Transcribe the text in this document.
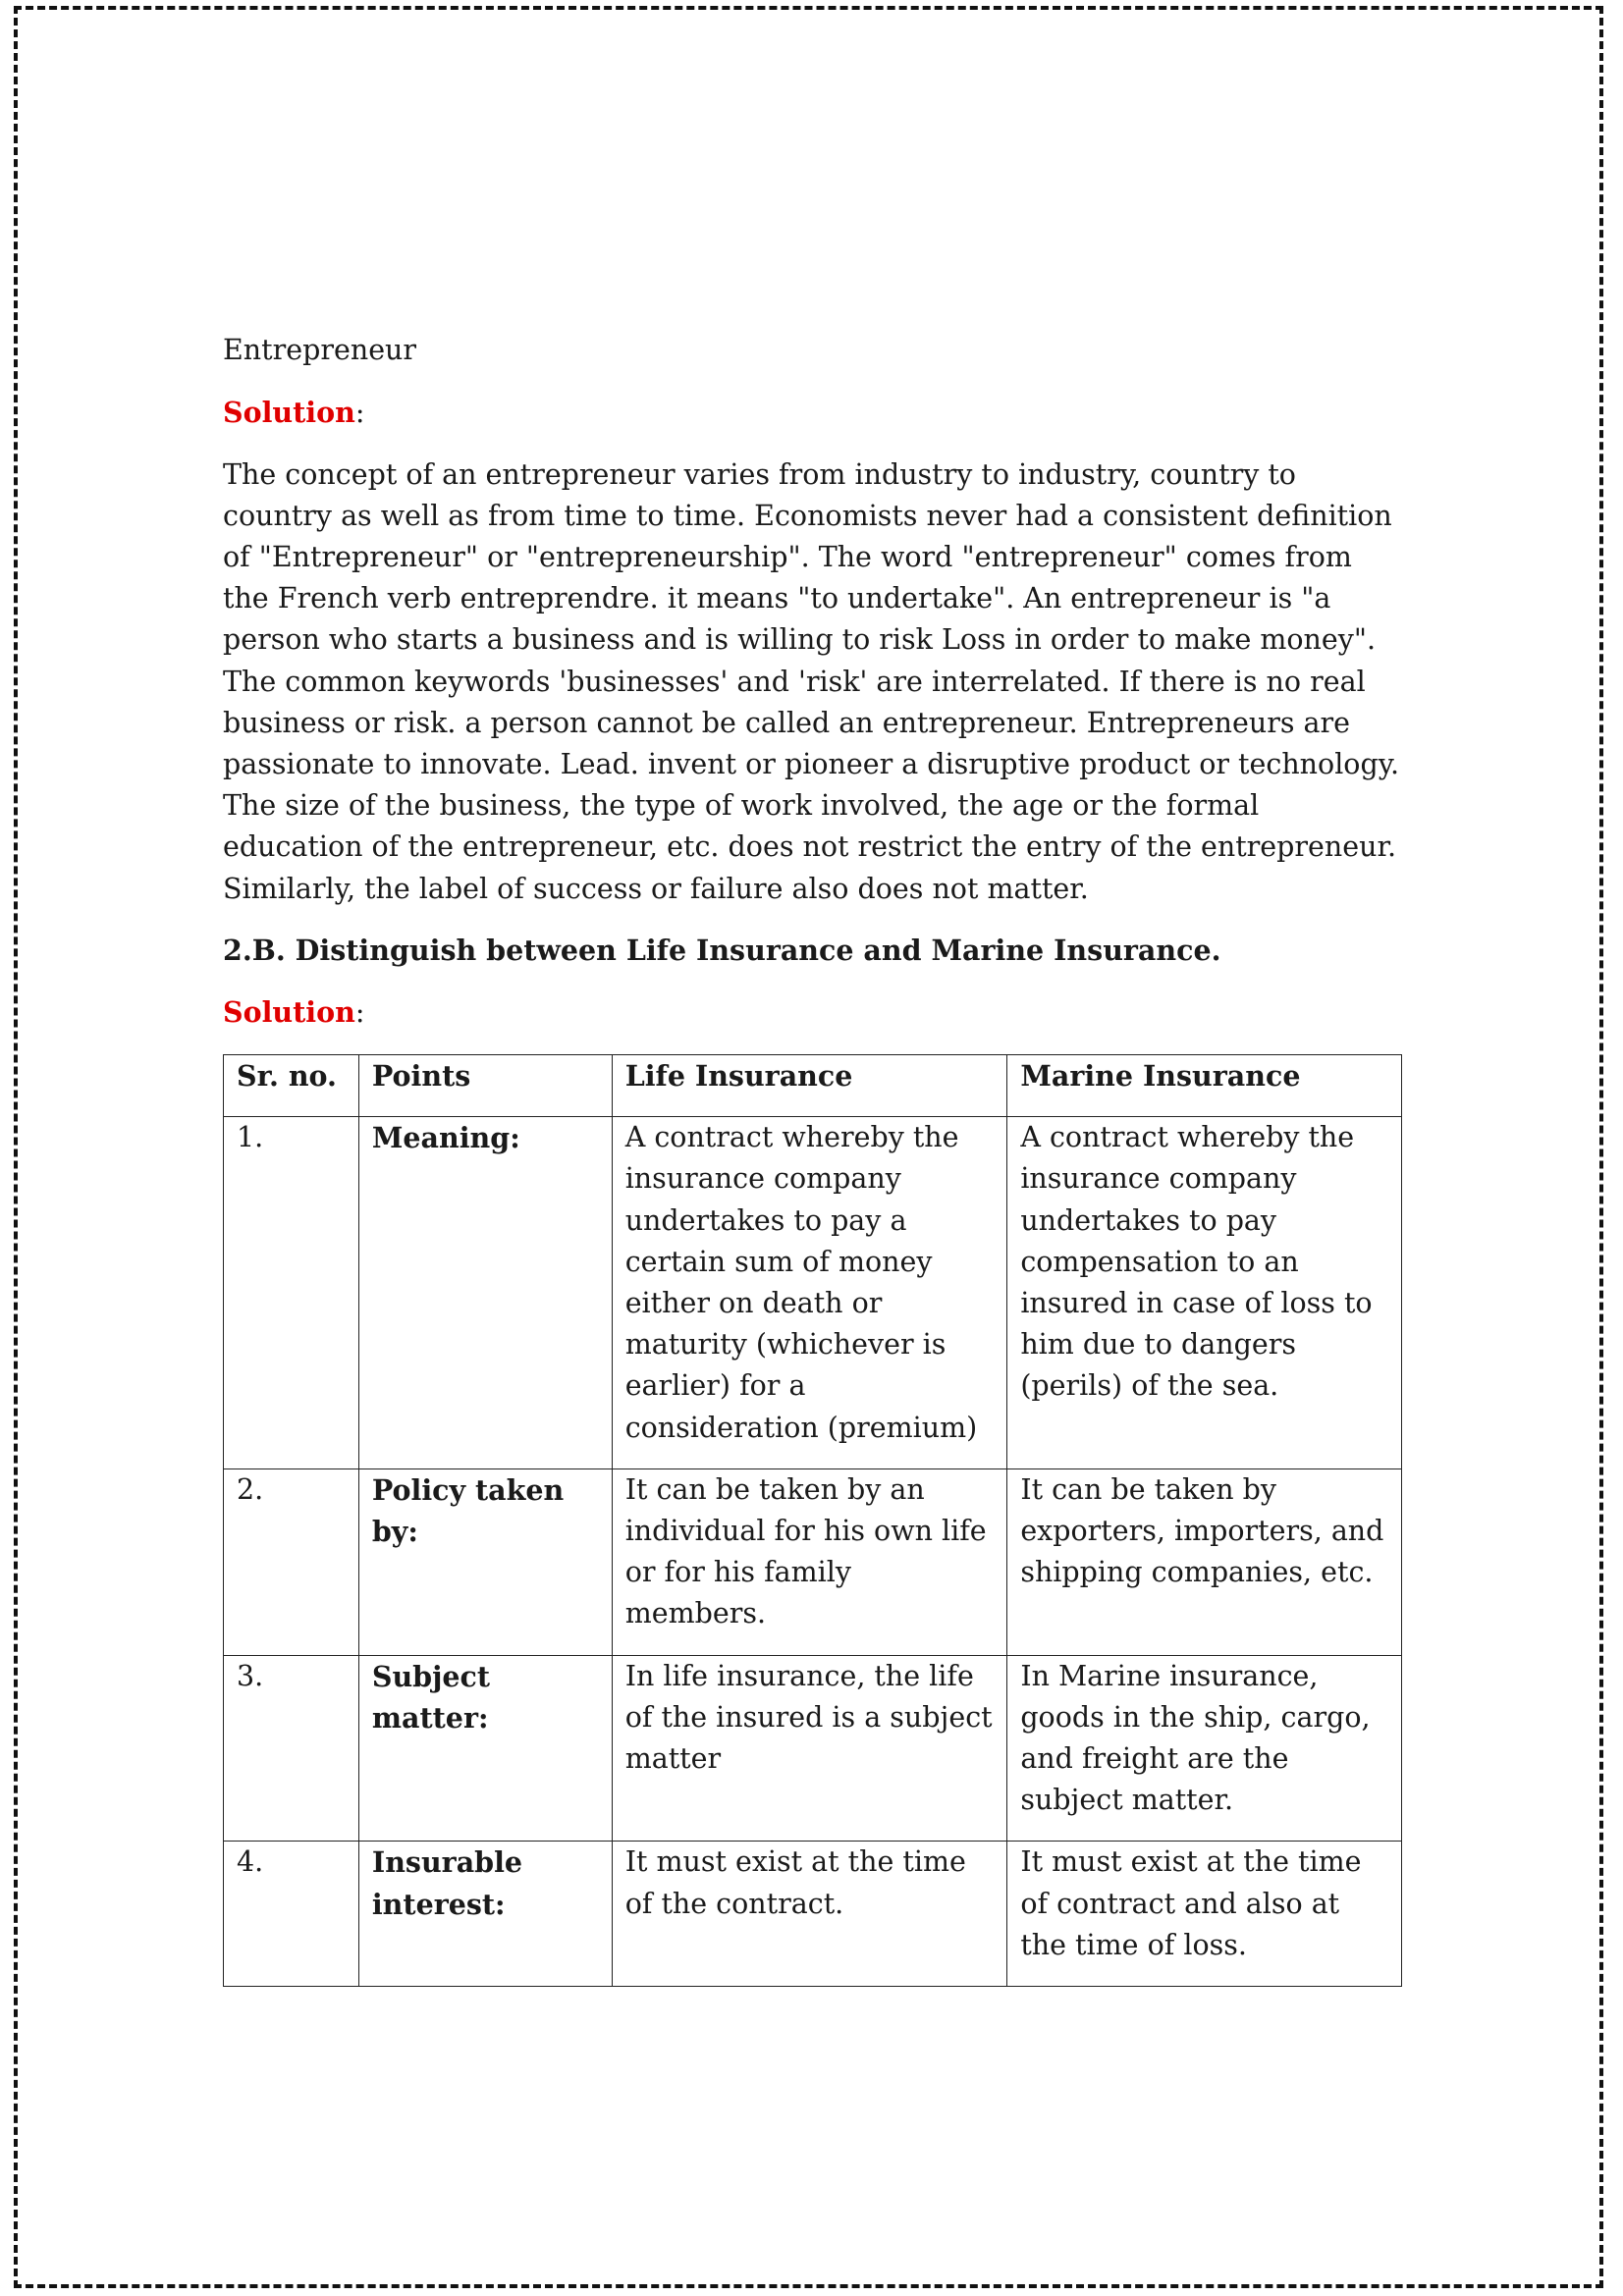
Entrepreneur

Solution:

The concept of an entrepreneur varies from industry to industry, country to country as well as from time to time. Economists never had a consistent definition of "Entrepreneur" or "entrepreneurship". The word "entrepreneur" comes from the French verb entreprendre. it means "to undertake". An entrepreneur is "a person who starts a business and is willing to risk Loss in order to make money". The common keywords 'businesses' and 'risk' are interrelated. If there is no real business or risk. a person cannot be called an entrepreneur. Entrepreneurs are passionate to innovate. Lead. invent or pioneer a disruptive product or technology. The size of the business, the type of work involved, the age or the formal education of the entrepreneur, etc. does not restrict the entry of the entrepreneur. Similarly, the label of success or failure also does not matter.

2.B. Distinguish between Life Insurance and Marine Insurance.

Solution:

Sr. no.	Points	Life Insurance	Marine Insurance
1.	Meaning:	A contract whereby the insurance company undertakes to pay a certain sum of money either on death or maturity (whichever is earlier) for a consideration (premium)	A contract whereby the insurance company undertakes to pay compensation to an insured in case of loss to him due to dangers (perils) of the sea.
2.	Policy taken by:	It can be taken by an individual for his own life or for his family members.	It can be taken by exporters, importers, and shipping companies, etc.
3.	Subject matter:	In life insurance, the life of the insured is a subject matter	In Marine insurance, goods in the ship, cargo, and freight are the subject matter.
4.	Insurable interest:	It must exist at the time of the contract.	It must exist at the time of contract and also at the time of loss.
